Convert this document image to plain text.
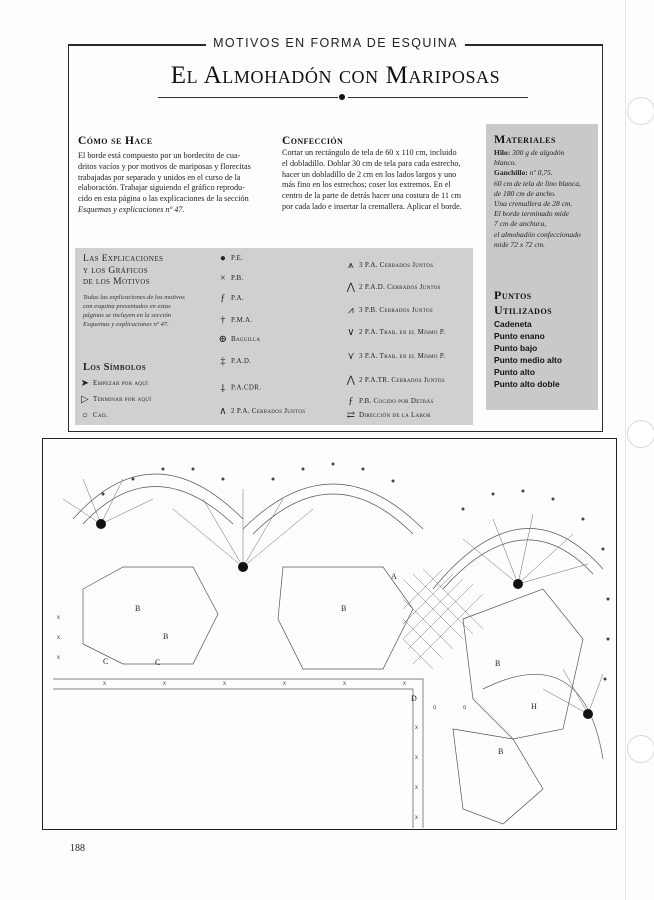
MOTIVOS EN FORMA DE ESQUINA
El Almohadón con Mariposas
Cómo se Hace
El borde está compuesto por un bordecito de cua-
dritos vacíos y por motivos de mariposas y florecitas
trabajadas por separado y unidos en el curso de la
elaboración. Trabajar siguiendo el gráfico reprodu-
cido en esta página o las explicaciones de la sección
Esquemas y explicaciones nº 47.
Confección
Cortar un rectángulo de tela de 60 x 110 cm, incluido
el dobladillo. Doblar 30 cm de tela para cada estrecho,
hacer un dobladillo de 2 cm en los lados largos y uno
más fino en los estrechos; coser los extremos. En el
centro de la parte de detrás hacer una costura de 11 cm
por cada lado e insertar la cremallera. Aplicar el borde.
Materiales
Hilo: 300 g de algodón
blanco.
Ganchillo: nº 0,75.
60 cm de tela de lino blanca,
de 180 cm de ancho.
Una cremallera de 28 cm.
El borde terminado mide
7 cm de anchura,
el almohadón confeccionado
mide 72 x 72 cm.
Puntos
Utilizados
Cadeneta
Punto enano
Punto bajo
Punto medio alto
Punto alto
Punto alto doble
Las Explicaciones
y los Gráficos
de los Motivos
Todas las explicaciones de los motivos
con esquina presentados en estas
páginas se incluyen en la sección
Esquemas y explicaciones nº 47.
Los Símbolos
➤ Empezar por aquí
▷ Terminar por aquí
○ Cad.
● P.E.
× P.B.
ƒ P.A.
† P.M.A.
⊕ Baguilla
‡ P.A.D.
⸸ P.A.CDR.
∧ 2 P.A. Cerrados Juntos
⩚ 3 P.A. Cerrados Juntos
⋀ 2 P.A.D. Cerrados Juntos
⩘ 3 P.B. Cerrados Juntos
∨ 2 P.A. Trab. en el Mismo P.
⋎ 3 P.A. Trab. en el Mismo P.
⋀ 2 P.A.TR. Cerrados Juntos
ƒ P.B. Cogido por Detrás
⇄ Dirección de la Labor
x
x
x
x	x	x	x	x	x
x
x
x
x
o	o
B	B
B
B
B
A
C	C
D
H
188
